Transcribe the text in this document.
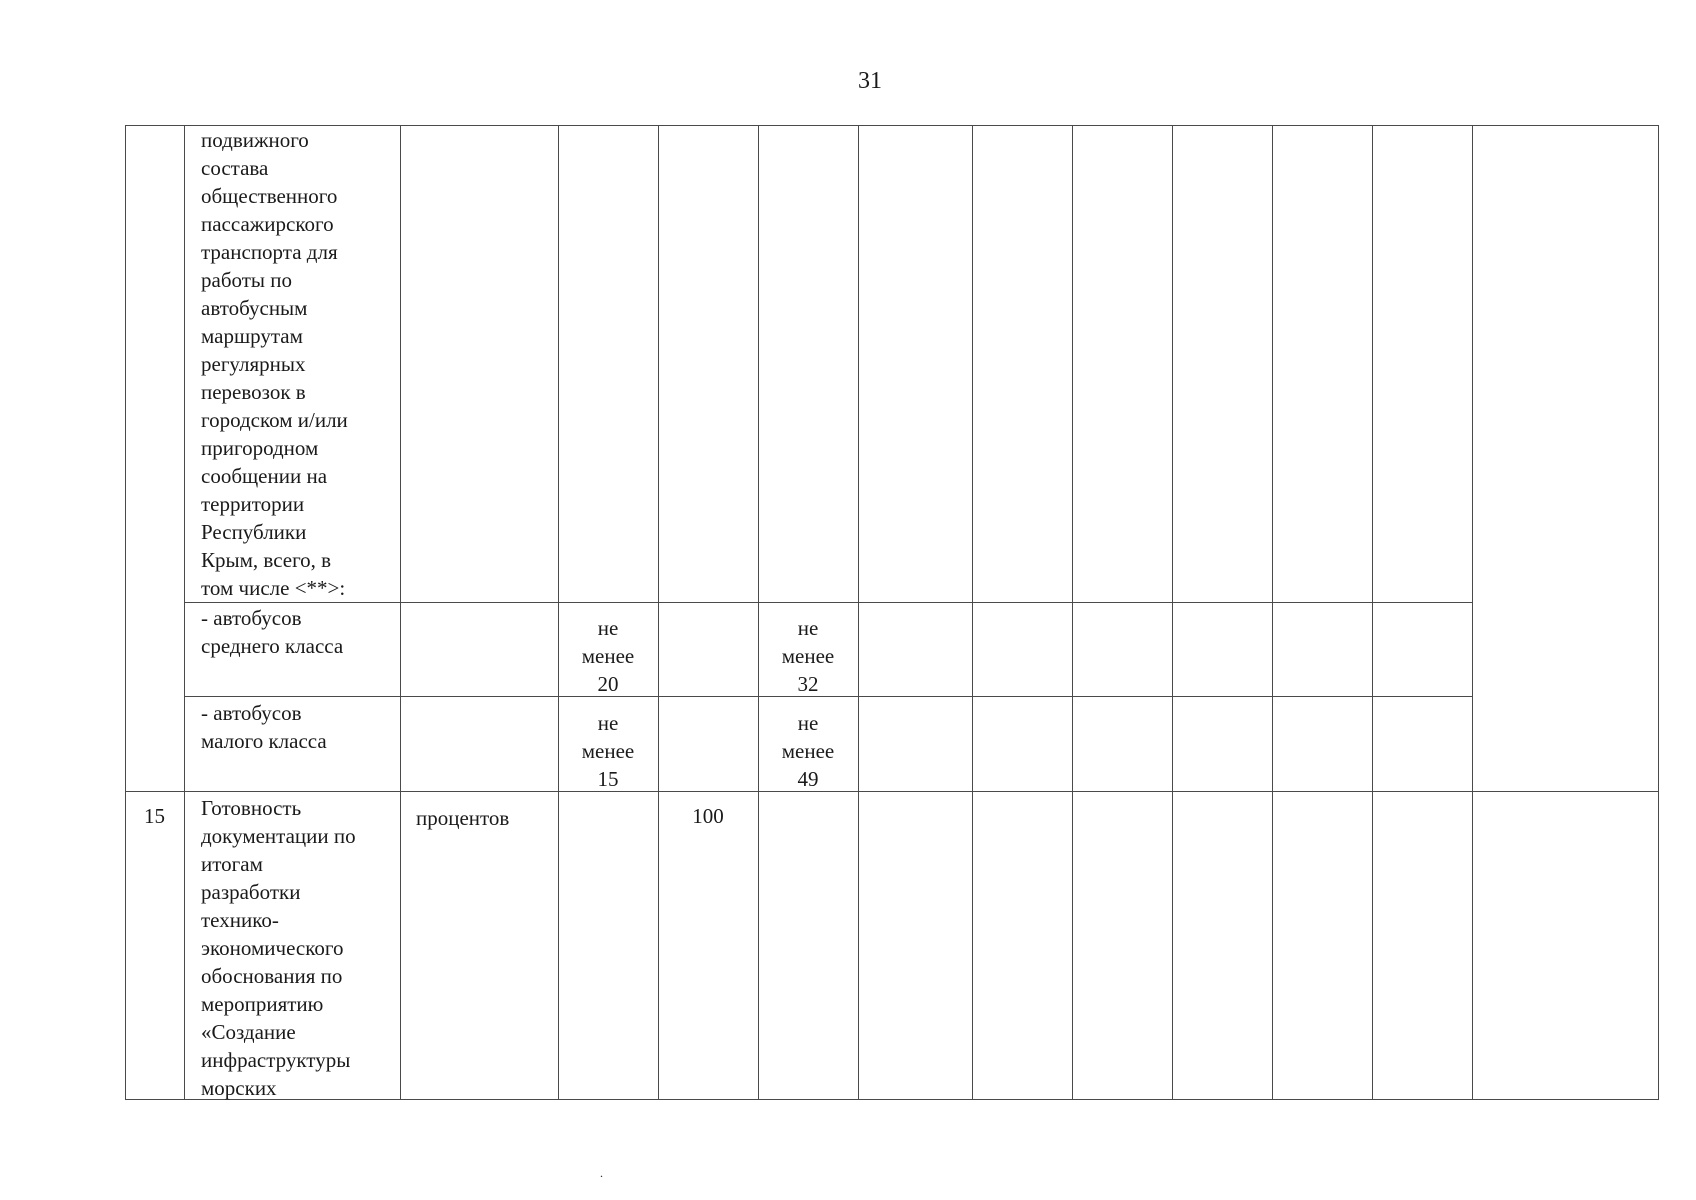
31
подвижного
состава
общественного
пассажирского
транспорта для
работы по
автобусным
маршрутам
регулярных
перевозок в
городском и/или
пригородном
сообщении на
территории
Республики
Крым, всего, в
том числе <**>:
- автобусов
среднего класса
не
менее
20
не
менее
32
- автобусов
малого класса
не
менее
15
не
менее
49
15	Готовность
документации по
итогам
разработки
технико-
экономического
обоснования по
мероприятию
«Создание
инфраструктуры
морских
процентов	100
.
